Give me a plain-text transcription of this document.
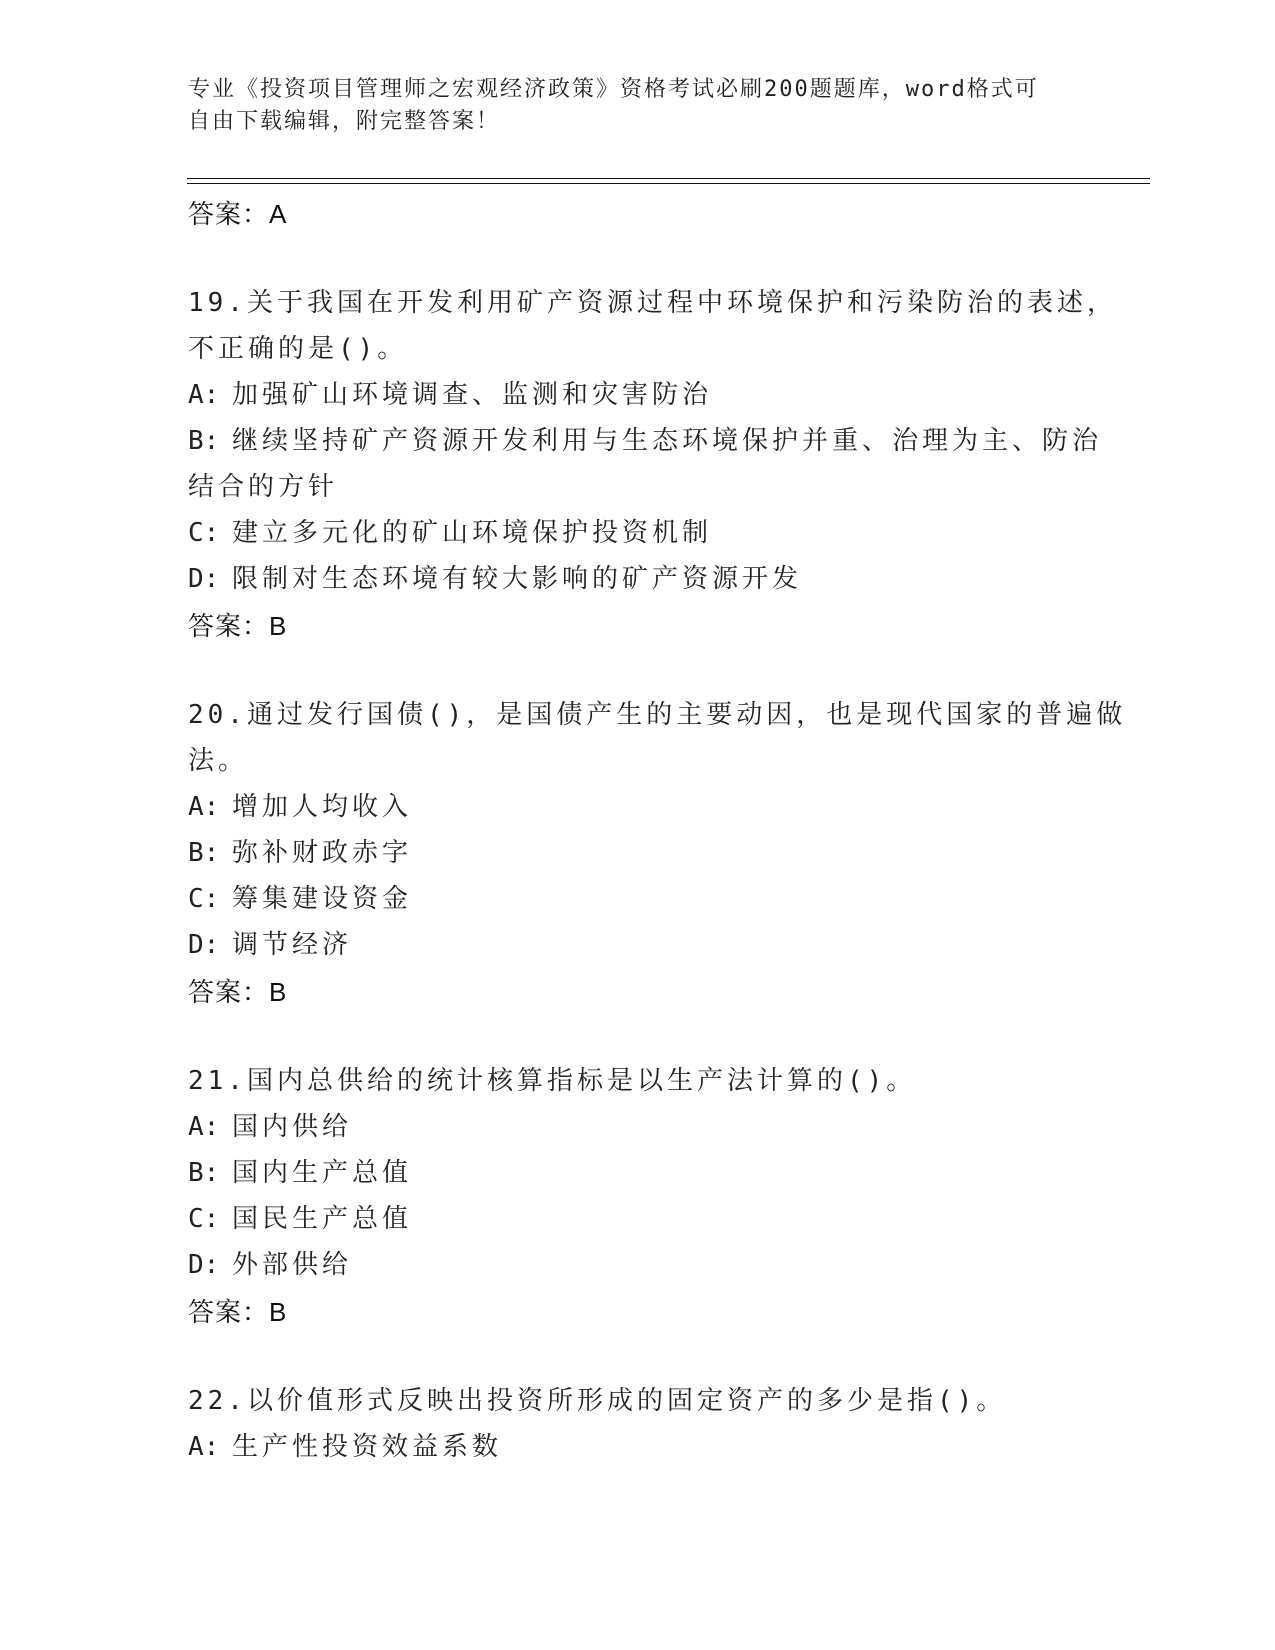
专业《投资项目管理师之宏观经济政策》资格考试必刷200题题库，word格式可
自由下载编辑，附完整答案！
答案：A
19.关于我国在开发利用矿产资源过程中环境保护和污染防治的表述，
不正确的是()。
A: 加强矿山环境调查、监测和灾害防治
B: 继续坚持矿产资源开发利用与生态环境保护并重、治理为主、防治
结合的方针
C: 建立多元化的矿山环境保护投资机制
D: 限制对生态环境有较大影响的矿产资源开发
答案：B
20.通过发行国债()，是国债产生的主要动因，也是现代国家的普遍做
法。
A: 增加人均收入
B: 弥补财政赤字
C: 筹集建设资金
D: 调节经济
答案：B
21.国内总供给的统计核算指标是以生产法计算的()。
A: 国内供给
B: 国内生产总值
C: 国民生产总值
D: 外部供给
答案：B
22.以价值形式反映出投资所形成的固定资产的多少是指()。
A: 生产性投资效益系数
